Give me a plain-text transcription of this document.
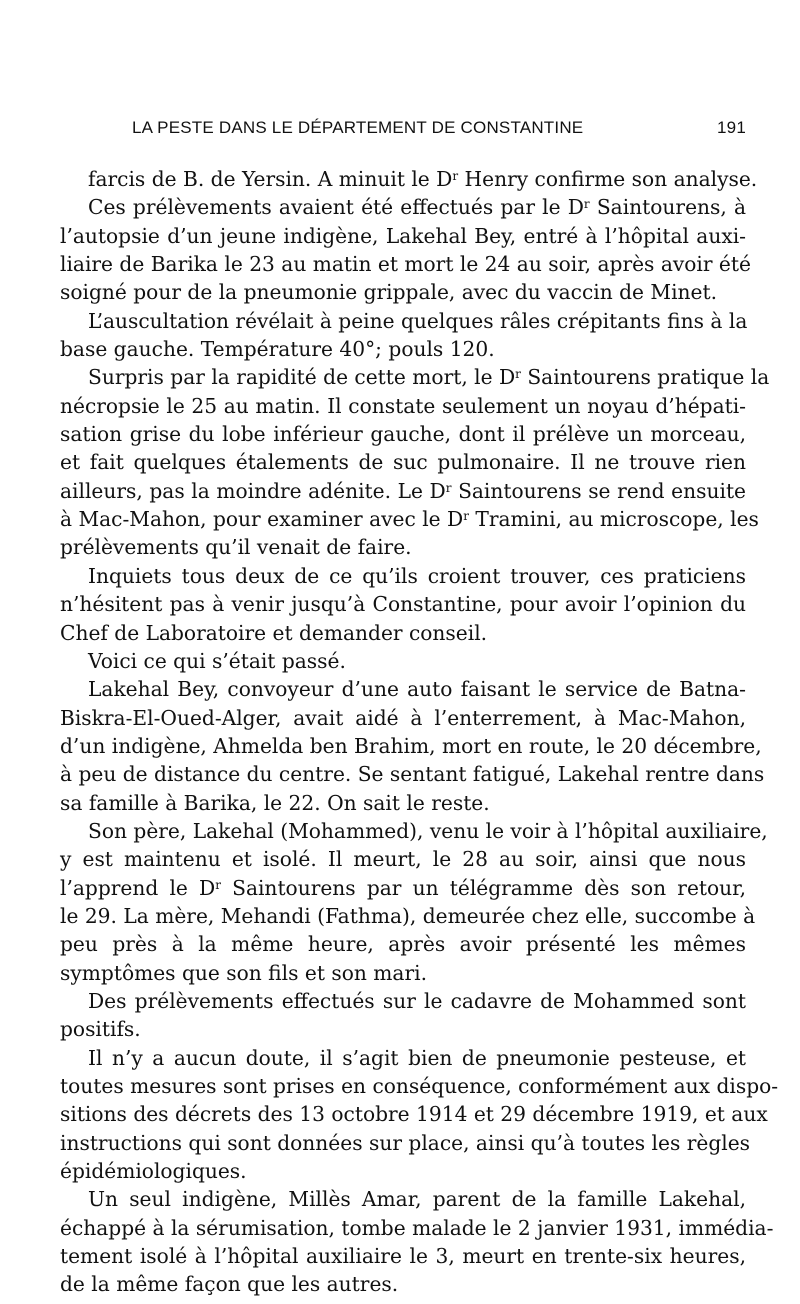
LA PESTE DANS LE DÉPARTEMENT DE CONSTANTINE	191
farcis de B. de Yersin. A minuit le $D^r$ Henry confirme son analyse.
Ces prélèvements avaient été effectués par le $D^r$ Saintourens, à
l’autopsie d’un jeune indigène, Lakehal Bey, entré à l’hôpital auxi-
liaire de Barika le 23 au matin et mort le 24 au soir, après avoir été
soigné pour de la pneumonie grippale, avec du vaccin de Minet.
L’auscultation révélait à peine quelques râles crépitants fins à la
base gauche. Température 40°; pouls 120.
Surpris par la rapidité de cette mort, le $D^r$ Saintourens pratique la
nécropsie le 25 au matin. Il constate seulement un noyau d’hépati-
sation grise du lobe inférieur gauche, dont il prélève un morceau,
et fait quelques étalements de suc pulmonaire. Il ne trouve rien
ailleurs, pas la moindre adénite. Le $D^r$ Saintourens se rend ensuite
à Mac-Mahon, pour examiner avec le $D^r$ Tramini, au microscope, les
prélèvements qu’il venait de faire.
Inquiets tous deux de ce qu’ils croient trouver, ces praticiens
n’hésitent pas à venir jusqu’à Constantine, pour avoir l’opinion du
Chef de Laboratoire et demander conseil.
Voici ce qui s’était passé.
Lakehal Bey, convoyeur d’une auto faisant le service de Batna-
Biskra-El-Oued-Alger, avait aidé à l’enterrement, à Mac-Mahon,
d’un indigène, Ahmelda ben Brahim, mort en route, le 20 décembre,
à peu de distance du centre. Se sentant fatigué, Lakehal rentre dans
sa famille à Barika, le 22. On sait le reste.
Son père, Lakehal (Mohammed), venu le voir à l’hôpital auxiliaire,
y est maintenu et isolé. Il meurt, le 28 au soir, ainsi que nous
l’apprend le $D^r$ Saintourens par un télégramme dès son retour,
le 29. La mère, Mehandi (Fathma), demeurée chez elle, succombe à
peu près à la même heure, après avoir présenté les mêmes
symptômes que son fils et son mari.
Des prélèvements effectués sur le cadavre de Mohammed sont
positifs.
Il n’y a aucun doute, il s’agit bien de pneumonie pesteuse, et
toutes mesures sont prises en conséquence, conformément aux dispo-
sitions des décrets des 13 octobre 1914 et 29 décembre 1919, et aux
instructions qui sont données sur place, ainsi qu’à toutes les règles
épidémiologiques.
Un seul indigène, Millès Amar, parent de la famille Lakehal,
échappé à la sérumisation, tombe malade le 2 janvier 1931, immédia-
tement isolé à l’hôpital auxiliaire le 3, meurt en trente-six heures,
de la même façon que les autres.
